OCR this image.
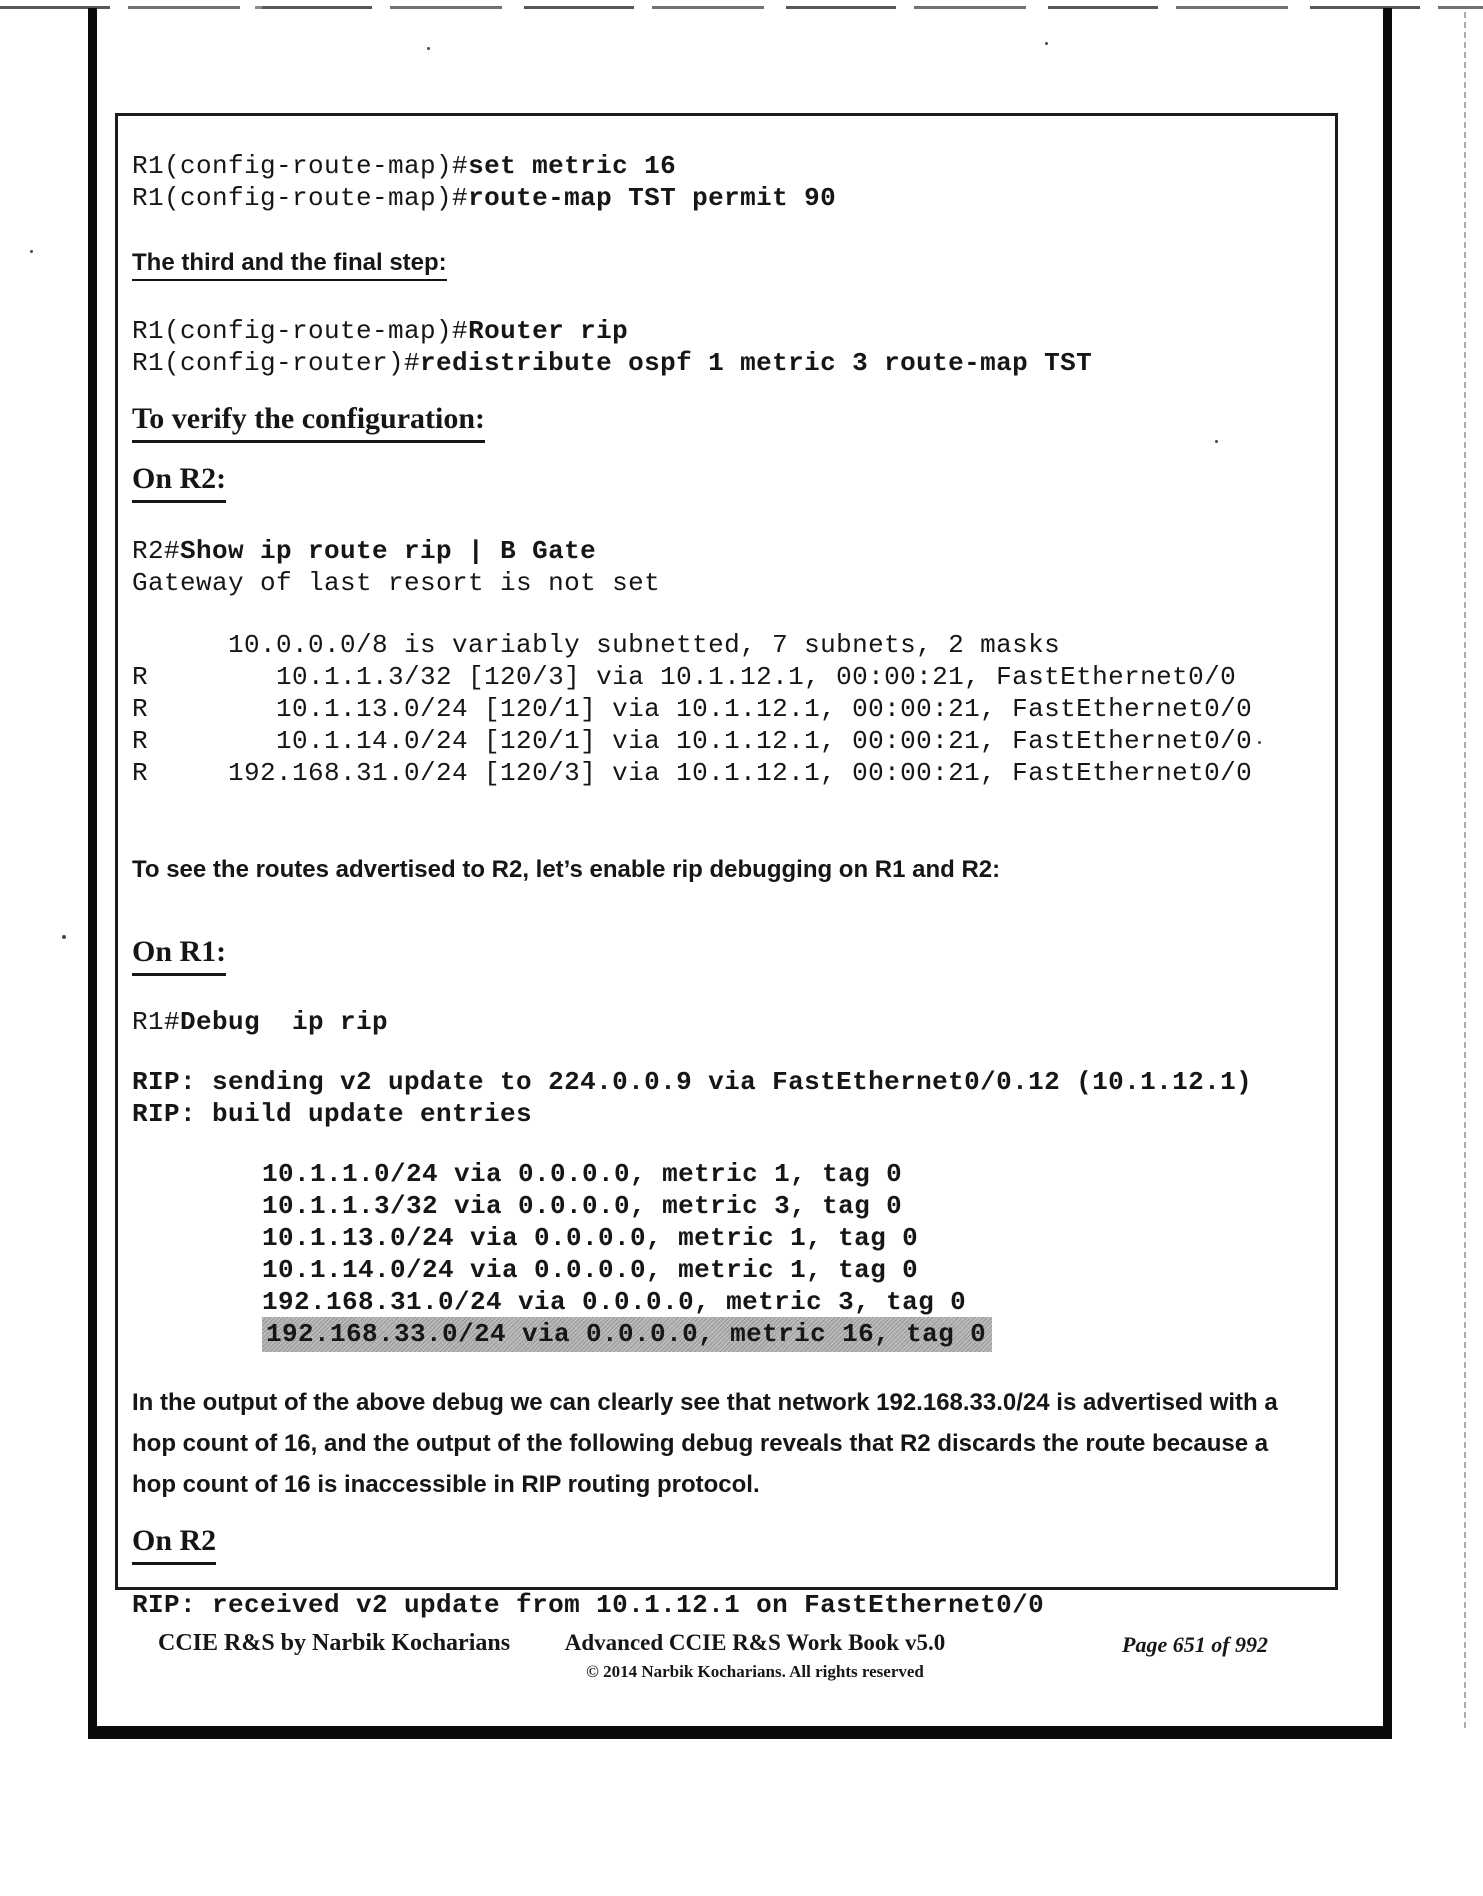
R1(config-route-map)#set metric 16
R1(config-route-map)#route-map TST permit 90
The third and the final step:
R1(config-route-map)#Router rip
R1(config-router)#redistribute ospf 1 metric 3 route-map TST
To verify the configuration:
On R2:
R2#Show ip route rip | B Gate
Gateway of last resort is not set
10.0.0.0/8 is variably subnetted, 7 subnets, 2 masks
R        10.1.1.3/32 [120/3] via 10.1.12.1, 00:00:21, FastEthernet0/0
R        10.1.13.0/24 [120/1] via 10.1.12.1, 00:00:21, FastEthernet0/0
R        10.1.14.0/24 [120/1] via 10.1.12.1, 00:00:21, FastEthernet0/0
R     192.168.31.0/24 [120/3] via 10.1.12.1, 00:00:21, FastEthernet0/0

To see the routes advertised to R2, let’s enable rip debugging on R1 and R2:

On R1:
R1#Debug  ip rip
RIP: sending v2 update to 224.0.0.9 via FastEthernet0/0.12 (10.1.12.1)
RIP: build update entries
10.1.1.0/24 via 0.0.0.0, metric 1, tag 0
10.1.1.3/32 via 0.0.0.0, metric 3, tag 0
10.1.13.0/24 via 0.0.0.0, metric 1, tag 0
10.1.14.0/24 via 0.0.0.0, metric 1, tag 0
192.168.31.0/24 via 0.0.0.0, metric 3, tag 0
192.168.33.0/24 via 0.0.0.0, metric 16, tag 0

In the output of the above debug we can clearly see that network 192.168.33.0/24 is advertised with a hop count of 16, and the output of the following debug reveals that R2 discards the route because a hop count of 16 is inaccessible in RIP routing protocol.

On R2
RIP: received v2 update from 10.1.12.1 on FastEthernet0/0
CCIE R&S by Narbik Kocharians	Advanced CCIE R&S Work Book v5.0
© 2014 Narbik Kocharians. All rights reserved
Page 651 of 992
